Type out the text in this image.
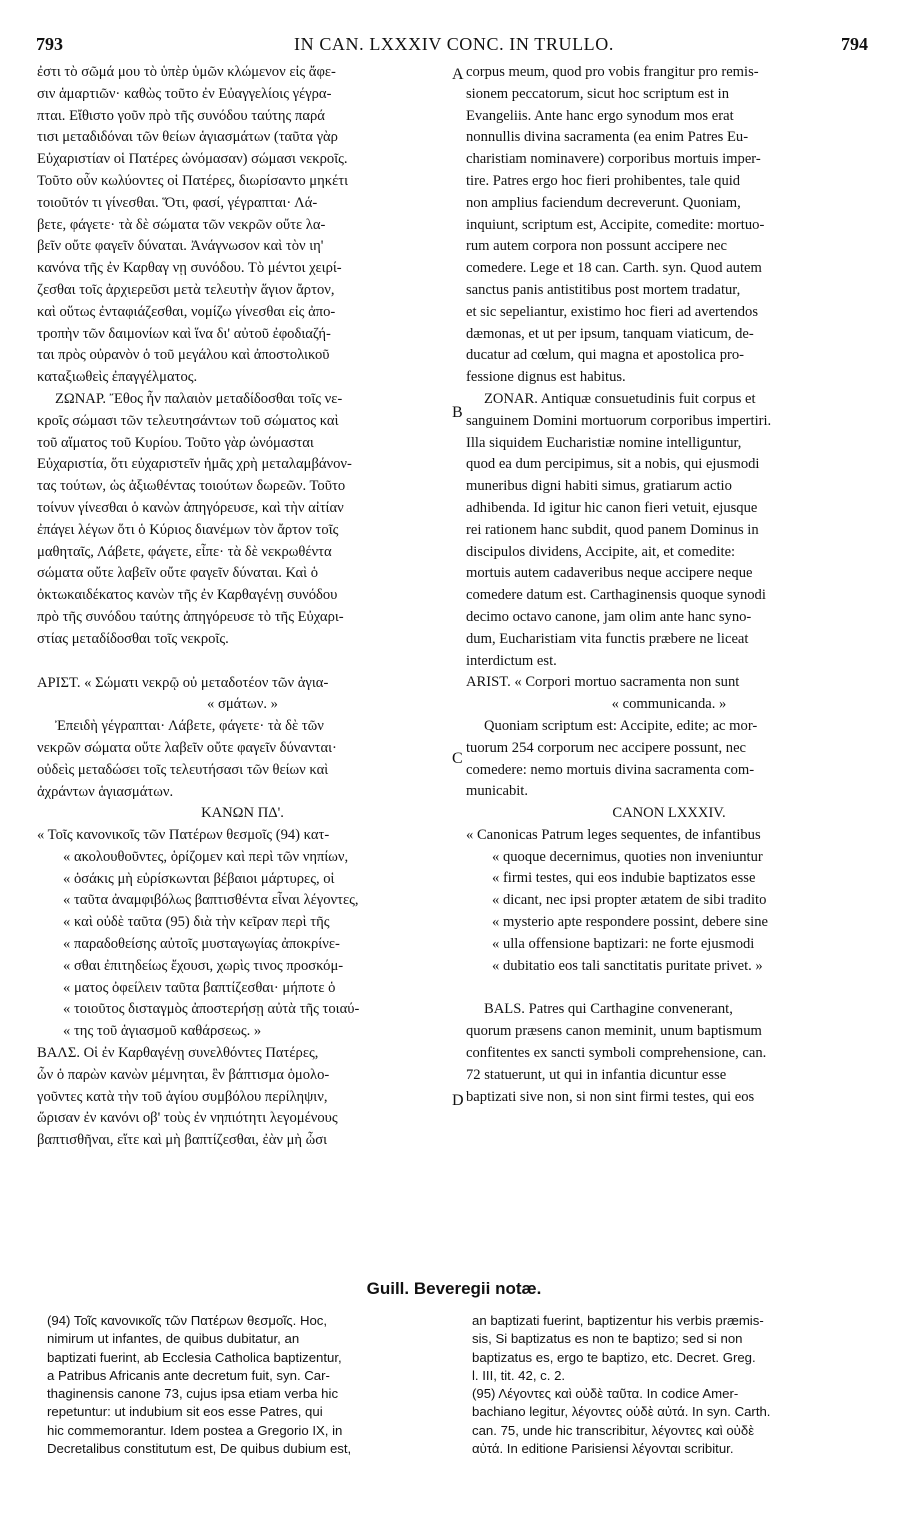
793	IN CAN. LXXXIV CONC. IN TRULLO.	794
A
B
C
D
ἐστι τὸ σῶμά μου τὸ ὑπὲρ ὑμῶν κλώμενον εἰς ἄφε-
σιν ἁμαρτιῶν· καθὼς τοῦτο ἐν Εὐαγγελίοις γέγρα-
πται. Εἴθιστο γοῦν πρὸ τῆς συνόδου ταύτης παρά
τισι μεταδιδόναι τῶν θείων ἁγιασμάτων (ταῦτα γὰρ
Εὐχαριστίαν οἱ Πατέρες ὠνόμασαν) σώμασι νεκροῖς.
Τοῦτο οὖν κωλύοντες οἱ Πατέρες, διωρίσαντο μηκέτι
τοιοῦτόν τι γίνεσθαι. Ὅτι, φασί, γέγραπται· Λά-
βετε, φάγετε· τὰ δὲ σώματα τῶν νεκρῶν οὔτε λα-
βεῖν οὔτε φαγεῖν δύναται. Ἀνάγνωσον καὶ τὸν ιη'
κανόνα τῆς ἐν Καρθαγ νῃ συνόδου. Τὸ μέντοι χειρί-
ζεσθαι τοῖς ἀρχιερεῦσι μετὰ τελευτὴν ἅγιον ἄρτον,
καὶ οὕτως ἐνταφιάζεσθαι, νομίζω γίνεσθαι εἰς ἀπο-
τροπὴν τῶν δαιμονίων καὶ ἵνα δι' αὐτοῦ ἐφοδιαζή-
ται πρὸς οὐρανὸν ὁ τοῦ μεγάλου καὶ ἀποστολικοῦ
καταξιωθεὶς ἐπαγγέλματος.
ΖΩΝΑΡ. Ἔθος ἦν παλαιὸν μεταδίδοσθαι τοῖς νε-
κροῖς σώμασι τῶν τελευτησάντων τοῦ σώματος καὶ
τοῦ αἵματος τοῦ Κυρίου. Τοῦτο γὰρ ὠνόμασται
Εὐχαριστία, ὅτι εὐχαριστεῖν ἡμᾶς χρὴ μεταλαμβάνον-
τας τούτων, ὡς ἀξιωθέντας τοιούτων δωρεῶν. Τοῦτο
τοίνυν γίνεσθαι ὁ κανὼν ἀπηγόρευσε, καὶ τὴν αἰτίαν
ἐπάγει λέγων ὅτι ὁ Κύριος διανέμων τὸν ἄρτον τοῖς
μαθηταῖς, Λάβετε, φάγετε, εἶπε· τὰ δὲ νεκρωθέντα
σώματα οὔτε λαβεῖν οὔτε φαγεῖν δύναται. Καὶ ὁ
ὀκτωκαιδέκατος κανὼν τῆς ἐν Καρθαγένῃ συνόδου
πρὸ τῆς συνόδου ταύτης ἀπηγόρευσε τὸ τῆς Εὐχαρι-
στίας μεταδίδοσθαι τοῖς νεκροῖς.
ΑΡΙΣΤ. « Σώματι νεκρῷ οὐ μεταδοτέον τῶν ἁγια-
« σμάτων. »
Ἐπειδὴ γέγραπται· Λάβετε, φάγετε· τὰ δὲ τῶν
νεκρῶν σώματα οὔτε λαβεῖν οὔτε φαγεῖν δύνανται·
οὐδεὶς μεταδώσει τοῖς τελευτήσασι τῶν θείων καὶ
ἀχράντων ἁγιασμάτων.
ΚΑΝΩΝ ΠΔ'.
« Τοῖς κανονικοῖς τῶν Πατέρων θεσμοῖς (94) κατ-
« ακολουθοῦντες, ὁρίζομεν καὶ περὶ τῶν νηπίων,
« ὁσάκις μὴ εὑρίσκωνται βέβαιοι μάρτυρες, οἱ
« ταῦτα ἀναμφιβόλως βαπτισθέντα εἶναι λέγοντες,
« καὶ οὐδὲ ταῦτα (95) διὰ τὴν κεῖραν περὶ τῆς
« παραδοθείσης αὐτοῖς μυσταγωγίας ἀποκρίνε-
« σθαι ἐπιτηδείως ἔχουσι, χωρὶς τινος προσκόμ-
« ματος ὀφείλειν ταῦτα βαπτίζεσθαι· μήποτε ὁ
« τοιοῦτος δισταγμὸς ἀποστερήσῃ αὐτὰ τῆς τοιαύ-
« της τοῦ ἁγιασμοῦ καθάρσεως. »
ΒΑΛΣ. Οἱ ἐν Καρθαγένῃ συνελθόντες Πατέρες,
ὧν ὁ παρὼν κανὼν μέμνηται, ἓν βάπτισμα ὁμολο-
γοῦντες κατὰ τὴν τοῦ ἁγίου συμβόλου περίληψιν,
ὥρισαν ἐν κανόνι οβ' τοὺς ἐν νηπιότητι λεγομένους
βαπτισθῆναι, εἴτε καὶ μὴ βαπτίζεσθαι, ἐὰν μὴ ὦσι
corpus meum, quod pro vobis frangitur pro remis-
sionem peccatorum, sicut hoc scriptum est in
Evangeliis. Ante hanc ergo synodum mos erat
nonnullis divina sacramenta (ea enim Patres Eu-
charistiam nominavere) corporibus mortuis imper-
tire. Patres ergo hoc fieri prohibentes, tale quid
non amplius faciendum decreverunt. Quoniam,
inquiunt, scriptum est, Accipite, comedite: mortuo-
rum autem corpora non possunt accipere nec
comedere. Lege et 18 can. Carth. syn. Quod autem
sanctus panis antistitibus post mortem tradatur,
et sic sepeliantur, existimo hoc fieri ad avertendos
dæmonas, et ut per ipsum, tanquam viaticum, de-
ducatur ad cœlum, qui magna et apostolica pro-
fessione dignus est habitus.
ZONAR. Antiquæ consuetudinis fuit corpus et
sanguinem Domini mortuorum corporibus impertiri.
Illa siquidem Eucharistiæ nomine intelliguntur,
quod ea dum percipimus, sit a nobis, qui ejusmodi
muneribus digni habiti simus, gratiarum actio
adhibenda. Id igitur hic canon fieri vetuit, ejusque
rei rationem hanc subdit, quod panem Dominus in
discipulos dividens, Accipite, ait, et comedite:
mortuis autem cadaveribus neque accipere neque
comedere datum est. Carthaginensis quoque synodi
decimo octavo canone, jam olim ante hanc syno-
dum, Eucharistiam vita functis præbere ne liceat
interdictum est.
ARIST. « Corpori mortuo sacramenta non sunt
« communicanda. »
Quoniam scriptum est: Accipite, edite; ac mor-
tuorum 254 corporum nec accipere possunt, nec
comedere: nemo mortuis divina sacramenta com-
municabit.
CANON LXXXIV.
« Canonicas Patrum leges sequentes, de infantibus
« quoque decernimus, quoties non inveniuntur
« firmi testes, qui eos indubie baptizatos esse
« dicant, nec ipsi propter ætatem de sibi tradito
« mysterio apte respondere possint, debere sine
« ulla offensione baptizari: ne forte ejusmodi
« dubitatio eos tali sanctitatis puritate privet. »
BALS. Patres qui Carthagine convenerant,
quorum præsens canon meminit, unum baptismum
confitentes ex sancti symboli comprehensione, can.
72 statuerunt, ut qui in infantia dicuntur esse
baptizati sive non, si non sint firmi testes, qui eos
Guill. Beveregii notæ.
(94) Τοῖς κανονικοῖς τῶν Πατέρων θεσμοῖς. Hoc,
nimirum ut infantes, de quibus dubitatur, an
baptizati fuerint, ab Ecclesia Catholica baptizentur,
a Patribus Africanis ante decretum fuit, syn. Car-
thaginensis canone 73, cujus ipsa etiam verba hic
repetuntur: ut indubium sit eos esse Patres, qui
hic commemorantur. Idem postea a Gregorio IX, in
Decretalibus constitutum est, De quibus dubium est,
an baptizati fuerint, baptizentur his verbis præmis-
sis, Si baptizatus es non te baptizo; sed si non
baptizatus es, ergo te baptizo, etc. Decret. Greg.
l. III, tit. 42, c. 2.
(95) Λέγοντες καὶ οὐδὲ ταῦτα. In codice Amer-
bachiano legitur, λέγοντες οὐδὲ αὐτά. In syn. Carth.
can. 75, unde hic transcribitur, λέγοντες καὶ οὐδὲ
αὐτά. In editione Parisiensi λέγονται scribitur.
